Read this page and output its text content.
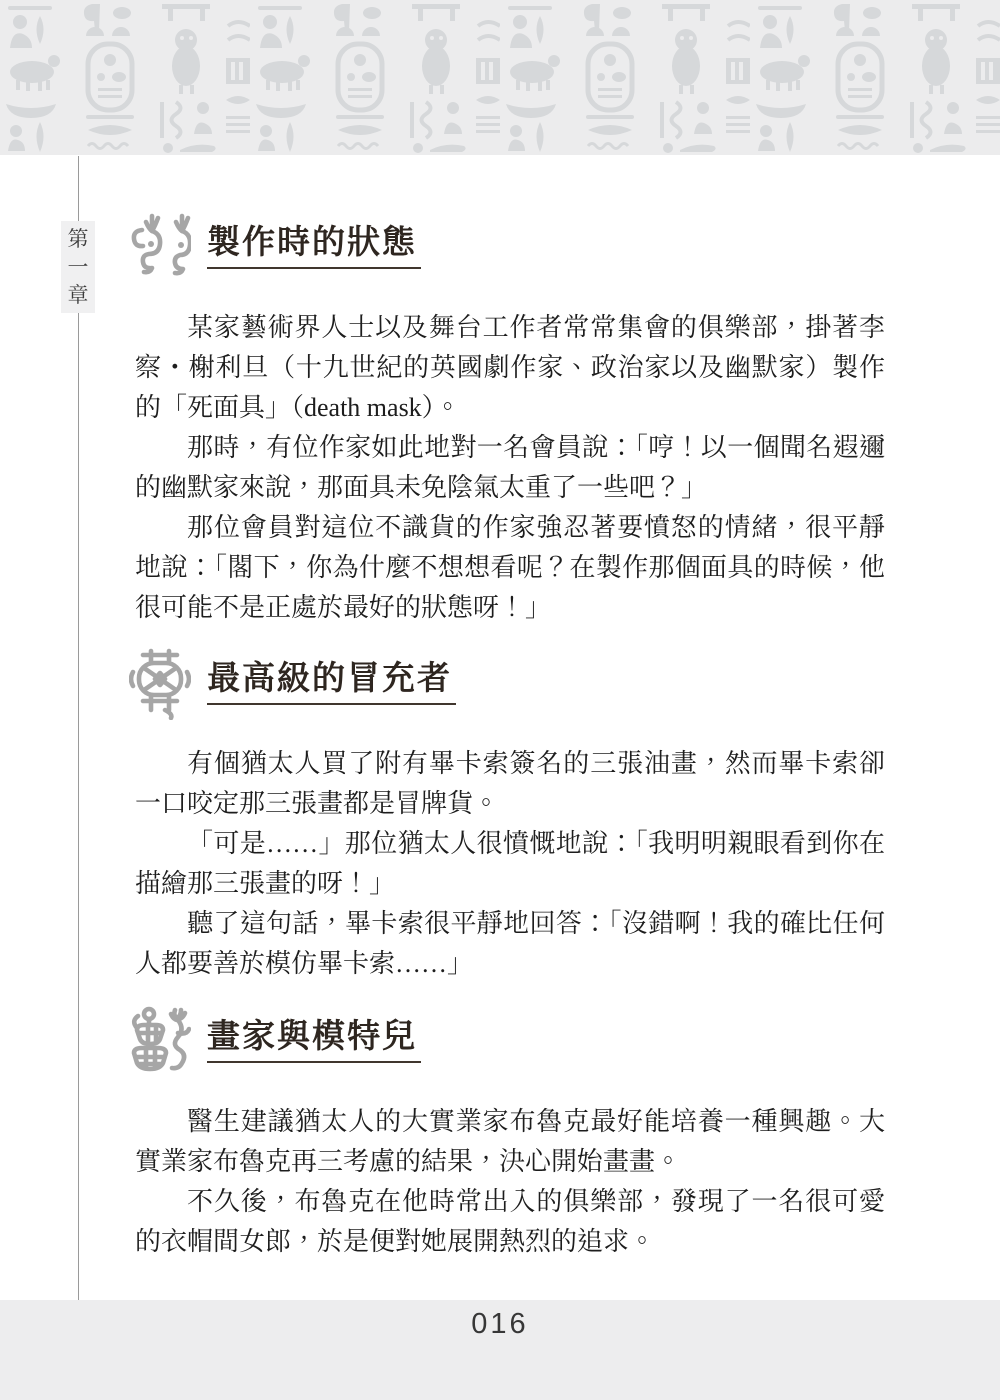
第
一
章
製作時的狀態

某家藝術界人士以及舞台工作者常常集會的俱樂部，掛著李察・榭利旦（十九世紀的英國劇作家、政治家以及幽默家）製作的「死面具」（death mask）。

那時，有位作家如此地對一名會員說：「哼！以一個聞名遐邇的幽默家來說，那面具未免陰氣太重了一些吧？」

那位會員對這位不識貨的作家強忍著要憤怒的情緒，很平靜地說：「閣下，你為什麼不想想看呢？在製作那個面具的時候，他很可能不是正處於最好的狀態呀！」

最高級的冒充者

有個猶太人買了附有畢卡索簽名的三張油畫，然而畢卡索卻一口咬定那三張畫都是冒牌貨。

「可是……」那位猶太人很憤慨地說：「我明明親眼看到你在描繪那三張畫的呀！」

聽了這句話，畢卡索很平靜地回答：「沒錯啊！我的確比任何人都要善於模仿畢卡索……」

畫家與模特兒

醫生建議猶太人的大實業家布魯克最好能培養一種興趣。大實業家布魯克再三考慮的結果，決心開始畫畫。

不久後，布魯克在他時常出入的俱樂部，發現了一名很可愛的衣帽間女郎，於是便對她展開熱烈的追求。

016
